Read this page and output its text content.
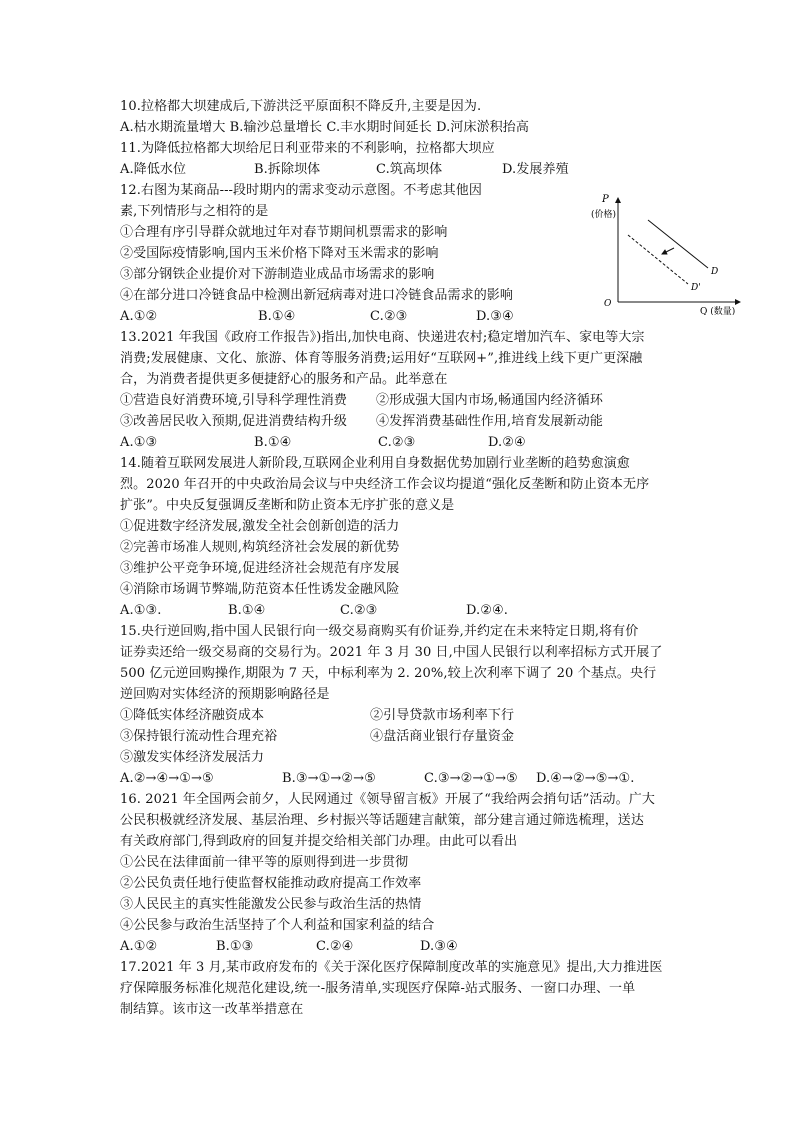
10.拉格都大坝建成后,下游洪泛平原面积不降反升,主要是因为.
A.枯水期流量增大 B.输沙总量增长 C.丰水期时间延长 D.河床淤积抬高
11.为降低拉格都大坝给尼日利亚带来的不利影响，拉格都大坝应
A.降低水位	B.拆除坝体	C.筑高坝体	D.发展养殖
12.右图为某商品---段时期内的需求变动示意图。不考虑其他因
素,下列情形与之相符的是
①合理有序引导群众就地过年对春节期间机票需求的影响
②受国际疫情影响,国内玉米价格下降对玉米需求的影响
③部分钢铁企业提价对下游制造业成品市场需求的影响
④在部分进口冷链食品中检测出新冠病毒对进口冷链食品需求的影响
A.①②	B.①④	C.②③	D.③④
P
(价格)
O
Q (数量)
D
D'
13.2021 年我国《政府工作报告》)指出,加快电商、快递进农村;稳定增加汽车、家电等大宗
消费;发展健康、文化、旅游、体育等服务消费;运用好“互联网+”,推进线上线下更广更深融
合，为消费者提供更多便捷舒心的服务和产品。此举意在
①营造良好消费环境,引导科学理性消费 ②形成强大国内市场,畅通国内经济循环
③改善居民收入预期,促进消费结构升级 ④发挥消费基础性作用,培育发展新动能
A.①③	B.①④	C.②③	D.②④
14.随着互联网发展进人新阶段,互联网企业利用自身数据优势加剧行业垄断的趋势愈演愈
烈。2020 年召开的中央政治局会议与中央经济工作会议均提道“强化反垄断和防止资本无序
扩张”。中央反复强调反垄断和防止资本无序扩张的意义是
①促进数字经济发展,激发全社会创新创造的活力
②完善市场准人规则,构筑经济社会发展的新优势
③维护公平竞争环境,促进经济社会规范有序发展
④消除市场调节弊端,防范资本任性诱发金融风险
A.①③.	B.①④	C.②③	D.②④.
15.央行逆回购,指中国人民银行向一级交易商购买有价证券,并约定在未来特定日期,将有价
证券卖还给一级交易商的交易行为。2021 年 3 月 30 日,中国人民银行以利率招标方式开展了
500 亿元逆回购操作,期限为 7 天，中标利率为 2. 20%,较上次利率下调了 20 个基点。央行
逆回购对实体经济的预期影响路径是
①降低实体经济融资成本	②引导贷款市场利率下行
③保持银行流动性合理充裕	④盘活商业银行存量资金
⑤激发实体经济发展活力
A.②→④→①→⑤	B.③→①→②→⑤	C.③→②→①→⑤ D.④→②→⑤→①.
16. 2021 年全国两会前夕，人民网通过《领导留言板》开展了“我给两会捎句话”活动。广大
公民积极就经济发展、基层治理、乡村振兴等话题建言献策，部分建言通过筛选梳理，送达
有关政府部门,得到政府的回复并提交给相关部门办理。由此可以看出
①公民在法律面前一律平等的原则得到进一步贯彻
②公民负责任地行使监督权能推动政府提高工作效率
③人民民主的真实性能激发公民参与政治生活的热情
④公民参与政治生活坚持了个人利益和国家利益的结合
A.①②	B.①③	C.②④	D.③④
17.2021 年 3 月,某市政府发布的《关于深化医疗保障制度改革的实施意见》提出,大力推进医
疗保障服务标准化规范化建设,统一-服务清单,实现医疗保障-站式服务、一窗口办理、一单
制结算。该市这一改革举措意在
